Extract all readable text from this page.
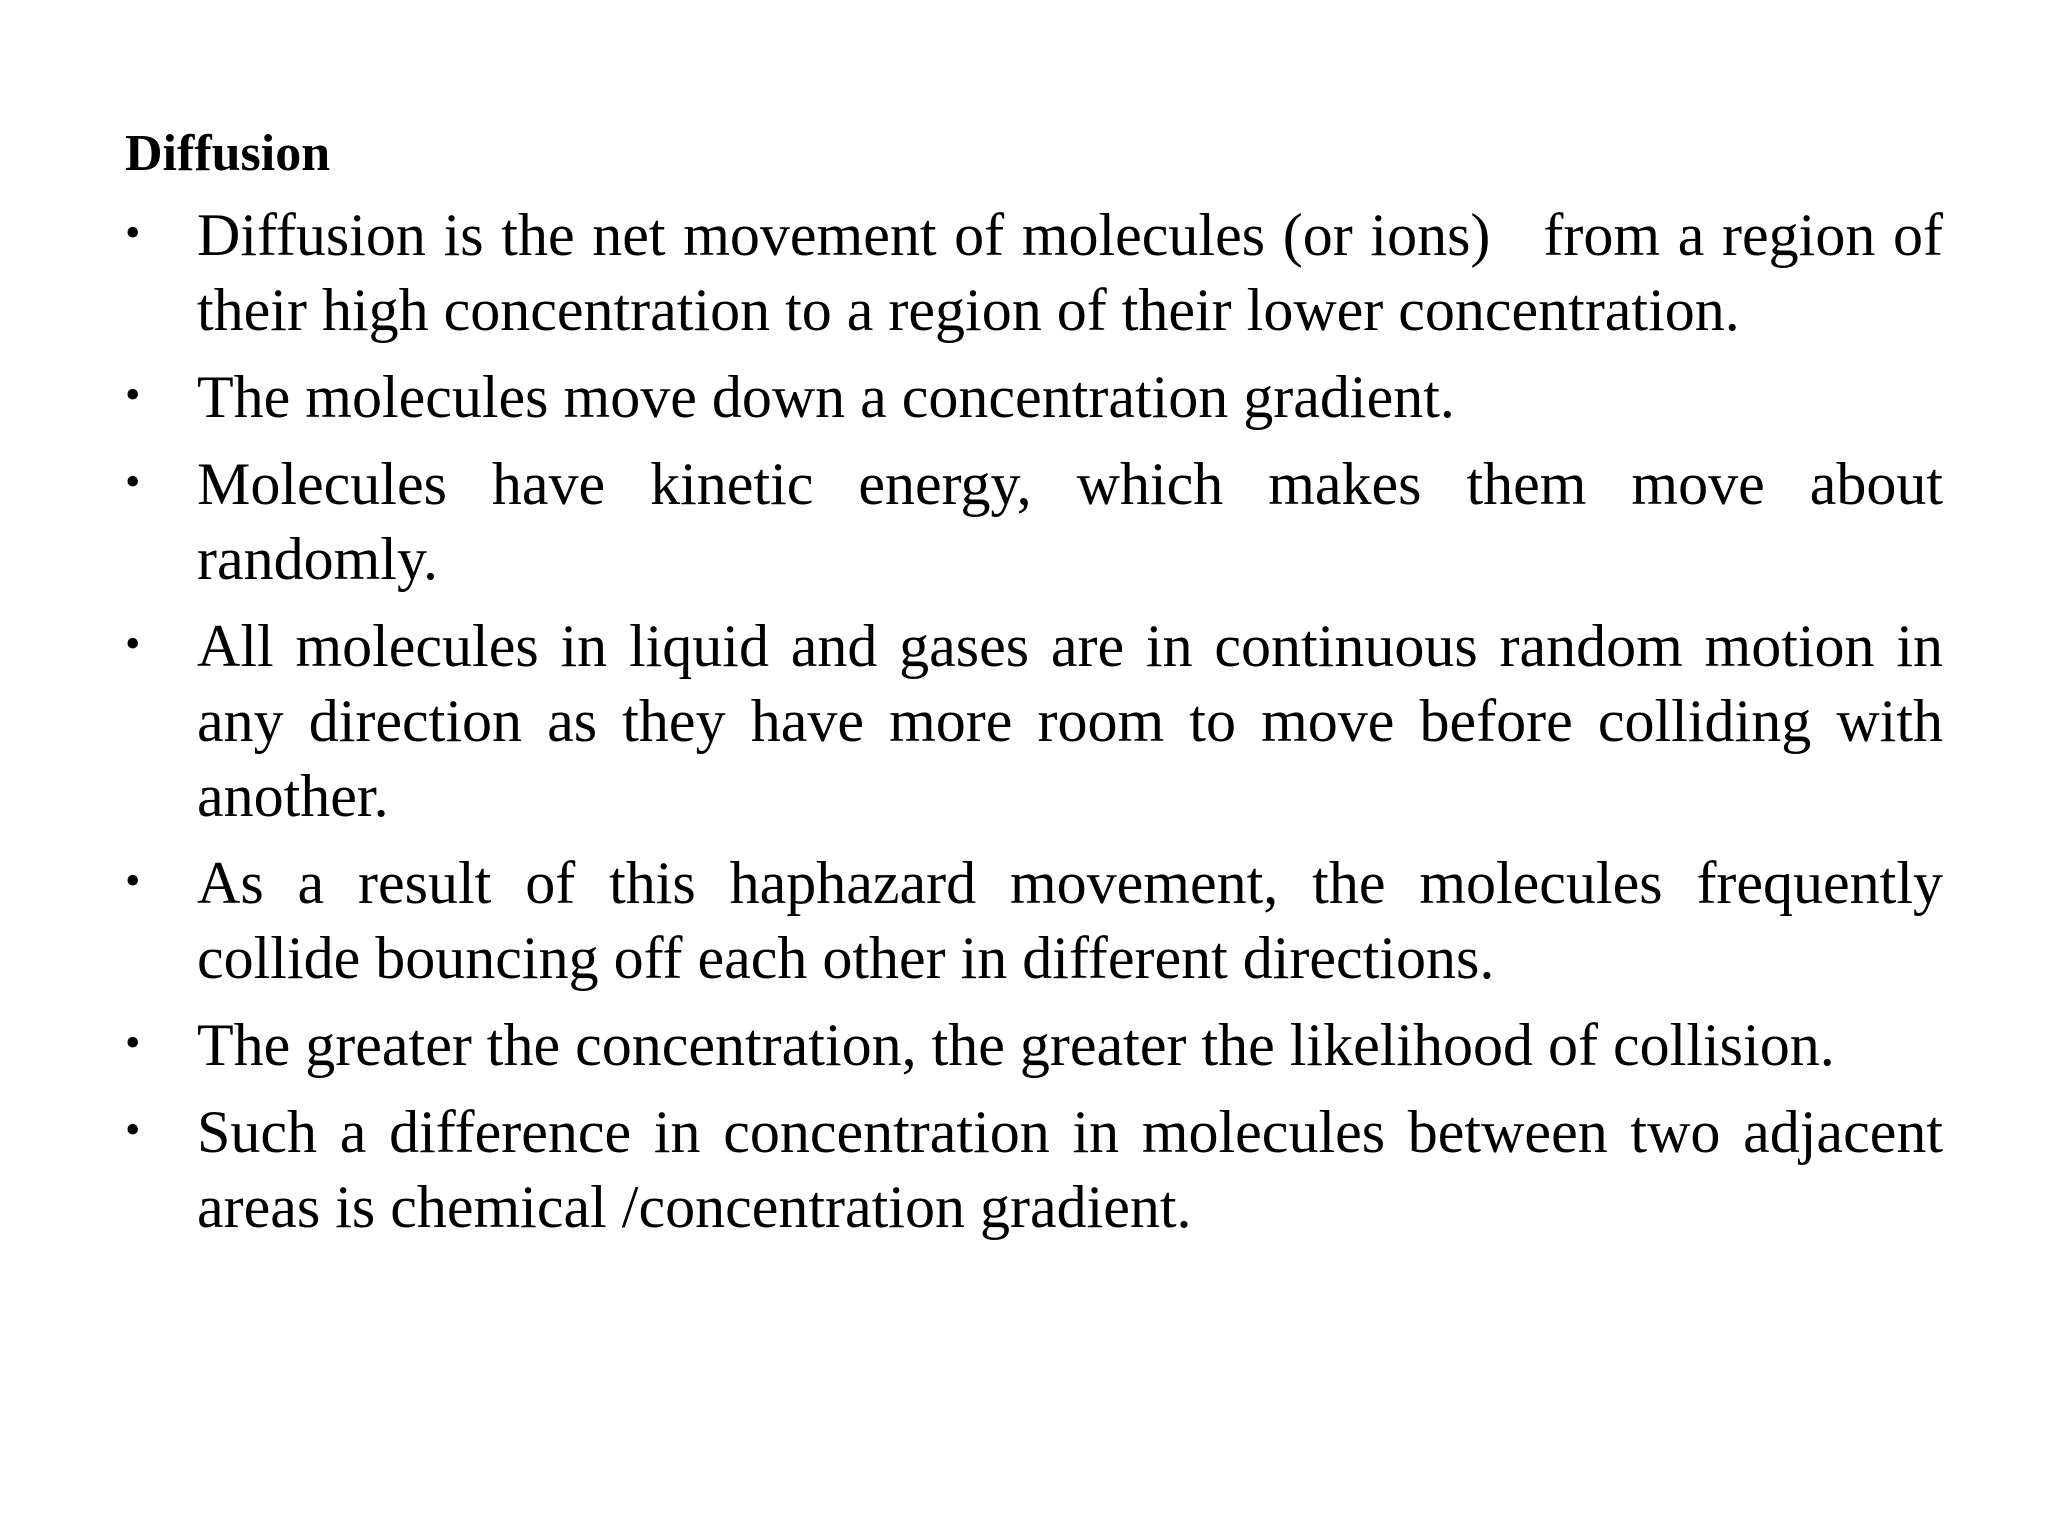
Diffusion
• Diffusion is the net movement of molecules (or ions)   from a region of their high concentration to a region of their lower concentration.
• The molecules move down a concentration gradient.
• Molecules have kinetic energy, which makes them move about randomly.
• All molecules in liquid and gases are in continuous random motion in any direction as they have more room to move before colliding with another.
• As a result of this haphazard movement, the molecules frequently collide bouncing off each other in different directions.
• The greater the concentration, the greater the likelihood of collision.
• Such a difference in concentration in molecules between two adjacent areas is chemical /concentration gradient.
